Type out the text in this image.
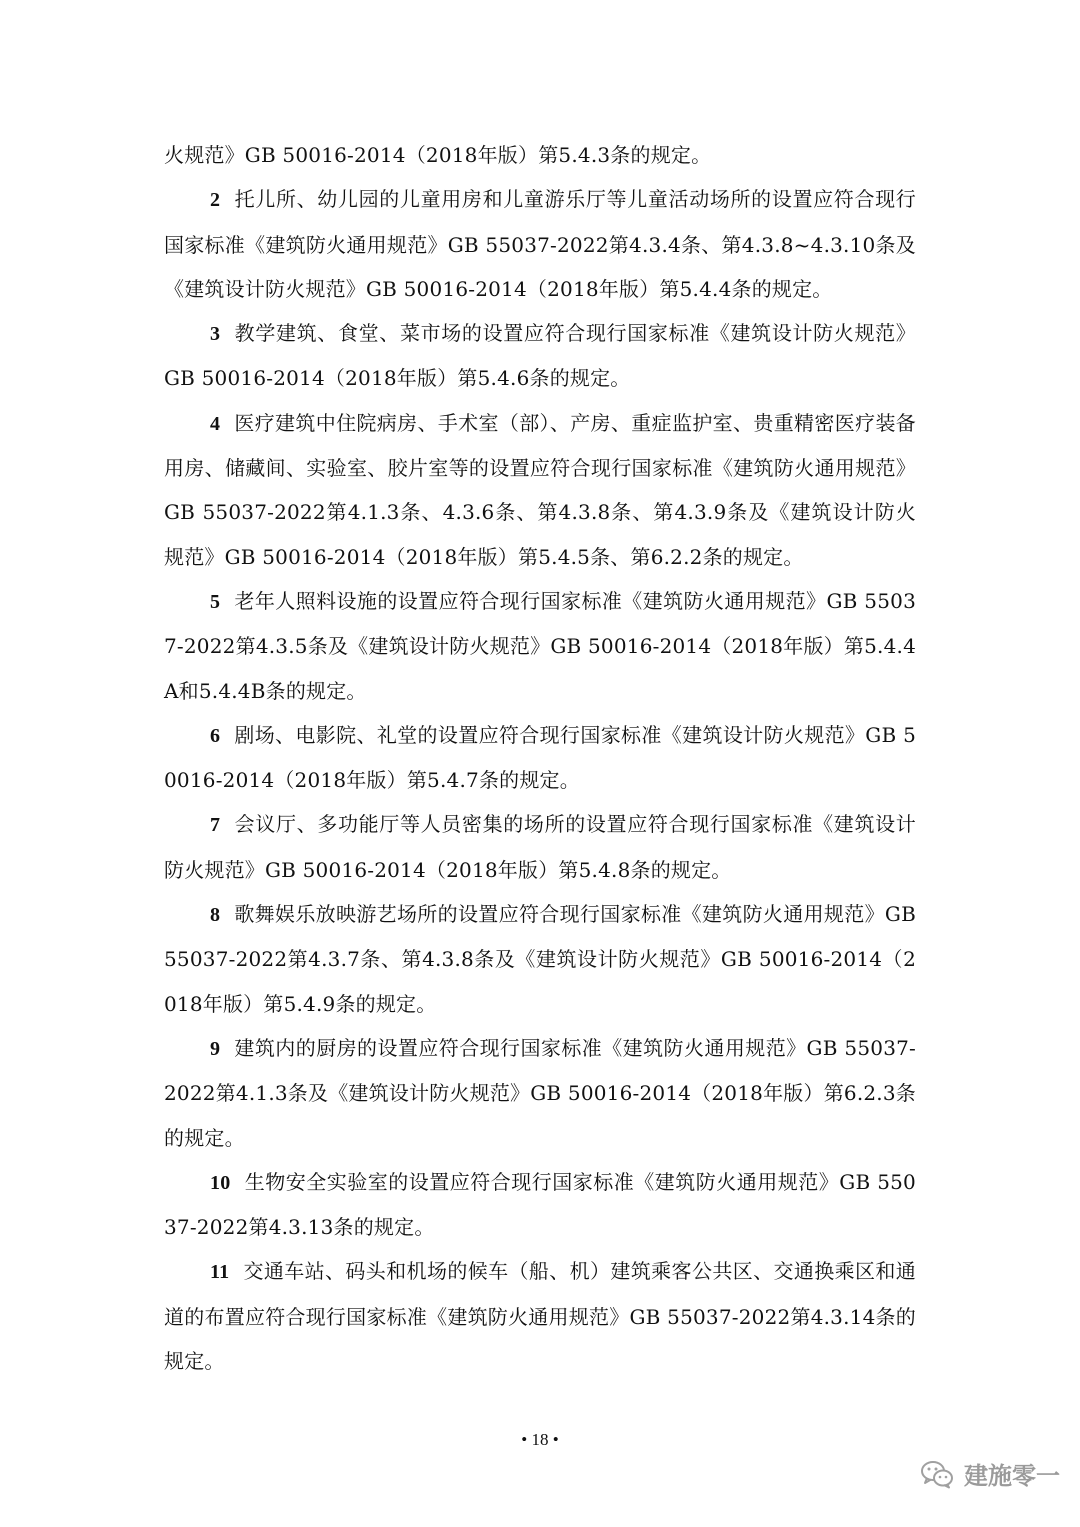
火规范》GB 50016-2014（2018年版）第5.4.3条的规定。

2 托儿所、幼儿园的儿童用房和儿童游乐厅等儿童活动场所的设置应符合现行国家标准《建筑防火通用规范》GB 55037-2022第4.3.4条、第4.3.8~4.3.10条及《建筑设计防火规范》GB 50016-2014（2018年版）第5.4.4条的规定。

3 教学建筑、食堂、菜市场的设置应符合现行国家标准《建筑设计防火规范》GB 50016-2014（2018年版）第5.4.6条的规定。

4 医疗建筑中住院病房、手术室（部）、产房、重症监护室、贵重精密医疗装备用房、储藏间、实验室、胶片室等的设置应符合现行国家标准《建筑防火通用规范》GB 55037-2022第4.1.3条、4.3.6条、第4.3.8条、第4.3.9条及《建筑设计防火规范》GB 50016-2014（2018年版）第5.4.5条、第6.2.2条的规定。

5 老年人照料设施的设置应符合现行国家标准《建筑防火通用规范》GB 55037-2022第4.3.5条及《建筑设计防火规范》GB 50016-2014（2018年版）第5.4.4A和5.4.4B条的规定。

6 剧场、电影院、礼堂的设置应符合现行国家标准《建筑设计防火规范》GB 50016-2014（2018年版）第5.4.7条的规定。

7 会议厅、多功能厅等人员密集的场所的设置应符合现行国家标准《建筑设计防火规范》GB 50016-2014（2018年版）第5.4.8条的规定。

8 歌舞娱乐放映游艺场所的设置应符合现行国家标准《建筑防火通用规范》GB 55037-2022第4.3.7条、第4.3.8条及《建筑设计防火规范》GB 50016-2014（2018年版）第5.4.9条的规定。

9 建筑内的厨房的设置应符合现行国家标准《建筑防火通用规范》GB 55037-2022第4.1.3条及《建筑设计防火规范》GB 50016-2014（2018年版）第6.2.3条的规定。

10 生物安全实验室的设置应符合现行国家标准《建筑防火通用规范》GB 55037-2022第4.3.13条的规定。

11 交通车站、码头和机场的候车（船、机）建筑乘客公共区、交通换乘区和通道的布置应符合现行国家标准《建筑防火通用规范》GB 55037-2022第4.3.14条的规定。

• 18 •
建施零一
